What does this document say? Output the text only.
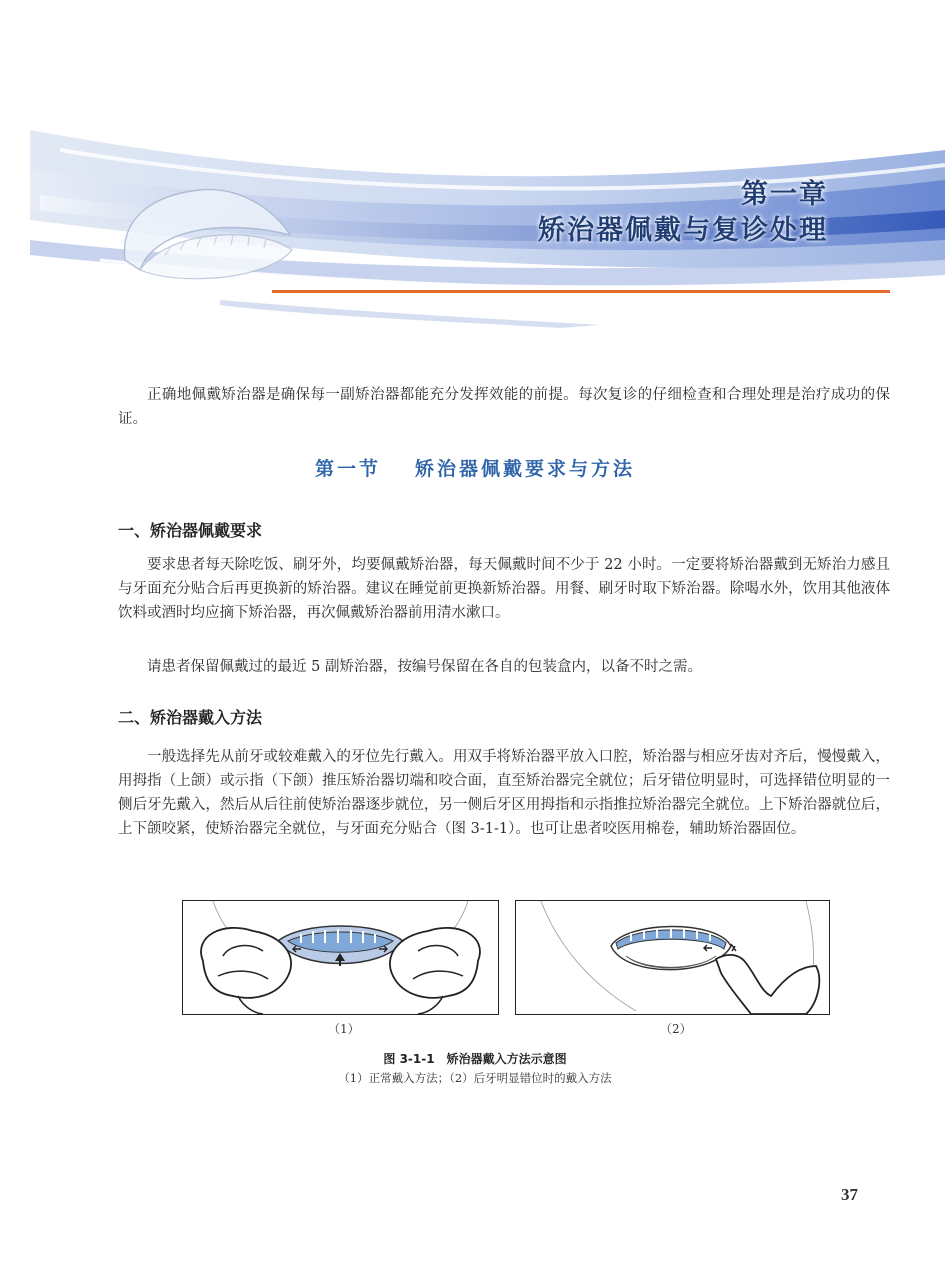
第一章
矫治器佩戴与复诊处理

正确地佩戴矫治器是确保每一副矫治器都能充分发挥效能的前提。每次复诊的仔细检查和合理处理是治疗成功的保证。

第一节 矫治器佩戴要求与方法
一、矫治器佩戴要求

要求患者每天除吃饭、刷牙外，均要佩戴矫治器，每天佩戴时间不少于 22 小时。一定要将矫治器戴到无矫治力感且与牙面充分贴合后再更换新的矫治器。建议在睡觉前更换新矫治器。用餐、刷牙时取下矫治器。除喝水外，饮用其他液体饮料或酒时均应摘下矫治器，再次佩戴矫治器前用清水漱口。

请患者保留佩戴过的最近 5 副矫治器，按编号保留在各自的包装盒内，以备不时之需。

二、矫治器戴入方法

一般选择先从前牙或较难戴入的牙位先行戴入。用双手将矫治器平放入口腔，矫治器与相应牙齿对齐后，慢慢戴入，用拇指（上颌）或示指（下颌）推压矫治器切端和咬合面，直至矫治器完全就位；后牙错位明显时，可选择错位明显的一侧后牙先戴入，然后从后往前使矫治器逐步就位，另一侧后牙区用拇指和示指推拉矫治器完全就位。上下矫治器就位后，上下颌咬紧，使矫治器完全就位，与牙面充分贴合（图 3-1-1）。也可让患者咬医用棉卷，辅助矫治器固位。

（1）	（2）
图 3-1-1　矫治器戴入方法示意图
（1）正常戴入方法；（2）后牙明显错位时的戴入方法
37
